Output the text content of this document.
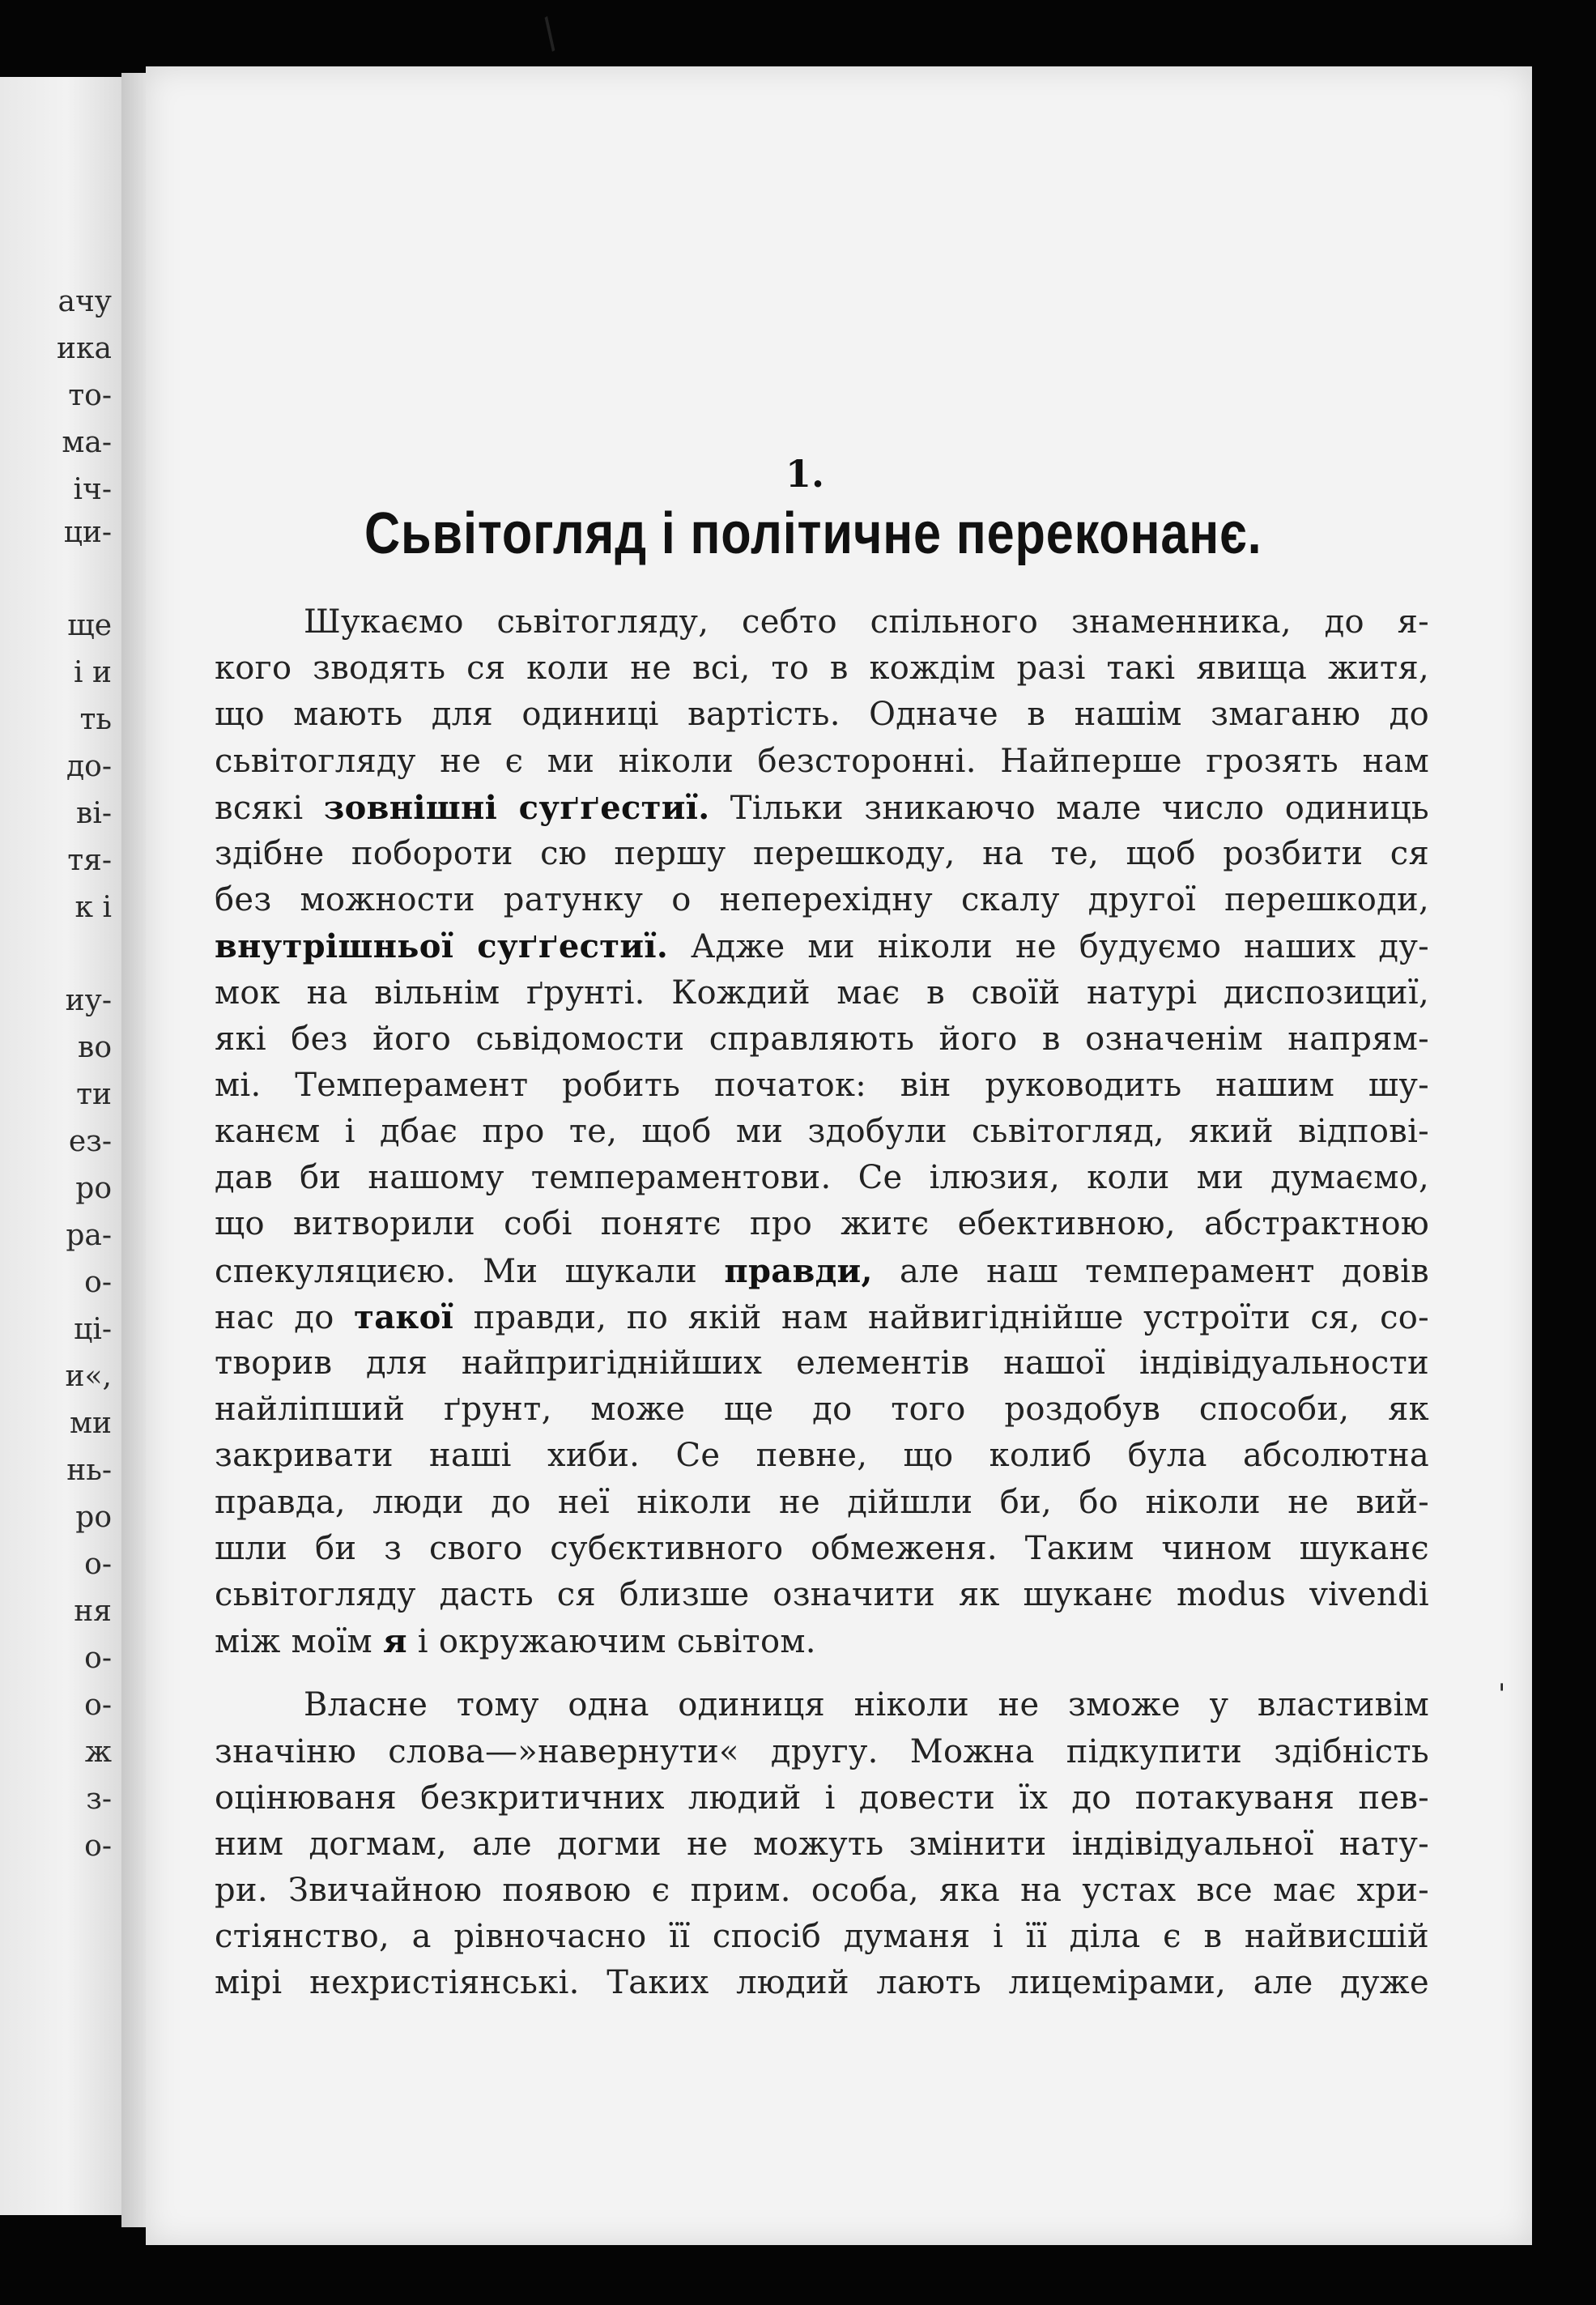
ачу
ика
то-
ма-
іч-
ци-
ще
і и
ть
до-
ві-
тя-
к і
иу-
во
ти
ез-
ро
ра-
о-
ці-
и«,
ми
нь-
ро
о-
ня
о-
о-
ж
з-
о-
/
'
1.
Сьвітогляд і політичне переконанє.
Шукаємо сьвітогляду, себто спільного знаменника, до я-
кого зводять ся коли не всі, то в кождім разі такі явища житя,
що мають для одиниці вартість. Одначе в нашім змаганю до
сьвітогляду не є ми ніколи безсторонні. Найперше грозять нам
всякі зовнішні суґґестиї. Тільки зникаючо мале число одиниць
здібне побороти сю першу перешкоду, на те, щоб розбити ся
без можности ратунку о неперехідну скалу другої перешкоди,
внутрішньої суґґестиї. Адже ми ніколи не будуємо наших ду-
мок на вільнім ґрунті. Кождий має в своїй натурі диспозициї,
які без його сьвідомости справляють його в означенім напрям-
мі. Темперамент робить початок: він руководить нашим шу-
канєм і дбає про те, щоб ми здобули сьвітогляд, який відпові-
дав би нашому темпераментови. Се ілюзия, коли ми думаємо,
що витворили собі понятє про житє ебективною, абстрактною
спекуляциєю. Ми шукали правди, але наш темперамент довів
нас до такої правди, по якій нам найвигіднійше устроїти ся, со-
творив для найпригіднійших елементів нашої індівідуальности
найліпший ґрунт, може ще до того роздобув способи, як
закривати наші хиби. Се певне, що колиб була абсолютна
правда, люди до неї ніколи не дійшли би, бо ніколи не вий-
шли би з свого субєктивного обмеженя. Таким чином шуканє
сьвітогляду дасть ся близше означити як шуканє modus vivendi
між моїм я і окружаючим сьвітом.
Власне тому одна одиниця ніколи не зможе у властивім
значіню слова—»навернути« другу. Можна підкупити здібність
оцінюваня безкритичних людий і довести їх до потакуваня пев-
ним догмам, але догми не можуть змінити індівідуальної нату-
ри. Звичайною появою є прим. особа, яка на устах все має хри-
стіянство, а рівночасно її спосіб думаня і її діла є в найвисшій
мірі нехристіянські. Таких людий лають лицемірами, але дуже
